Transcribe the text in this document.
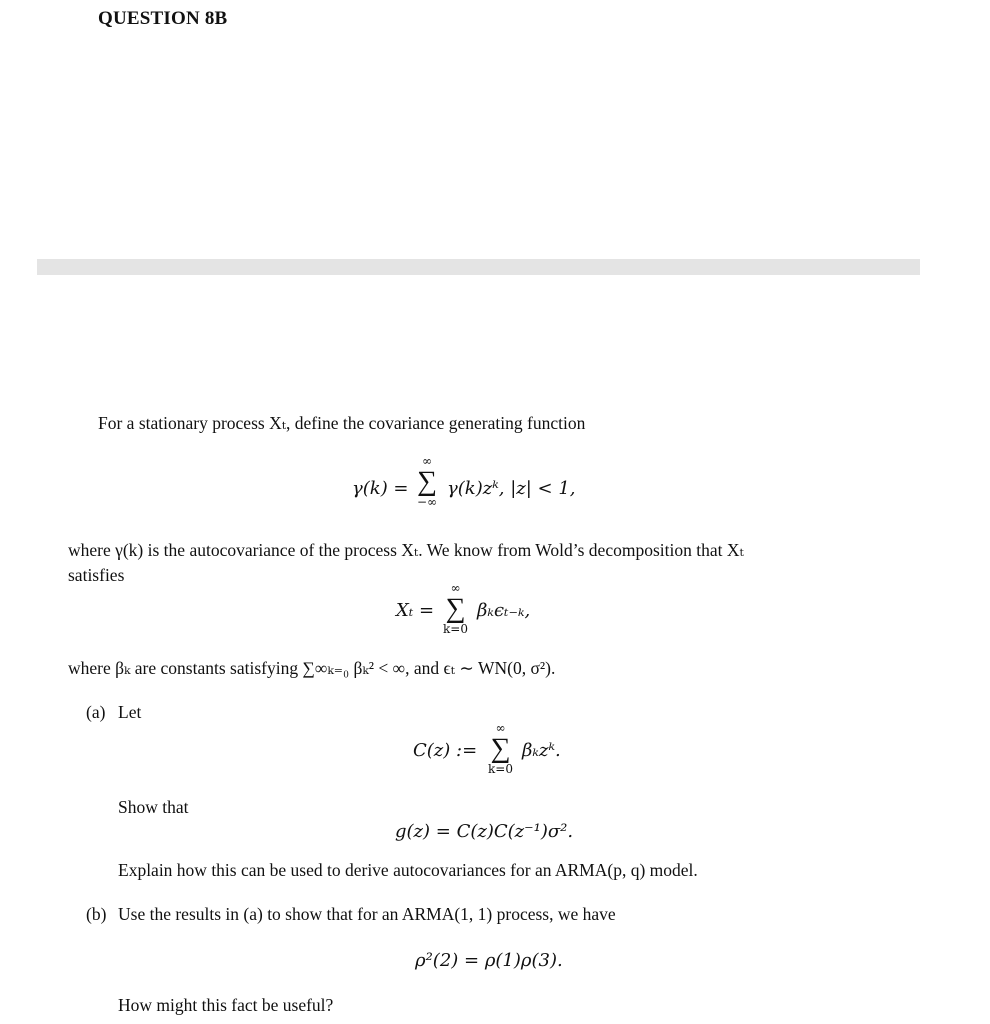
QUESTION 8B
For a stationary process Xₜ, define the covariance generating function
γ(k) =
∞
∑
−∞
γ(k)zᵏ, |z| < 1,
where γ(k) is the autocovariance of the process Xₜ. We know from Wold’s decomposition that Xₜ
satisfies
Xₜ =
∞
∑
k=0
βₖϵₜ₋ₖ,
where βₖ are constants satisfying ∑∞ₖ₌₀ βₖ² < ∞, and ϵₜ ∼ WN(0, σ²).
(a) Let
C(z) :=
∞
∑
k=0
βₖzᵏ.
Show that
g(z) = C(z)C(z⁻¹)σ².
Explain how this can be used to derive autocovariances for an ARMA(p, q) model.
(b) Use the results in (a) to show that for an ARMA(1, 1) process, we have
ρ²(2) = ρ(1)ρ(3).
How might this fact be useful?
